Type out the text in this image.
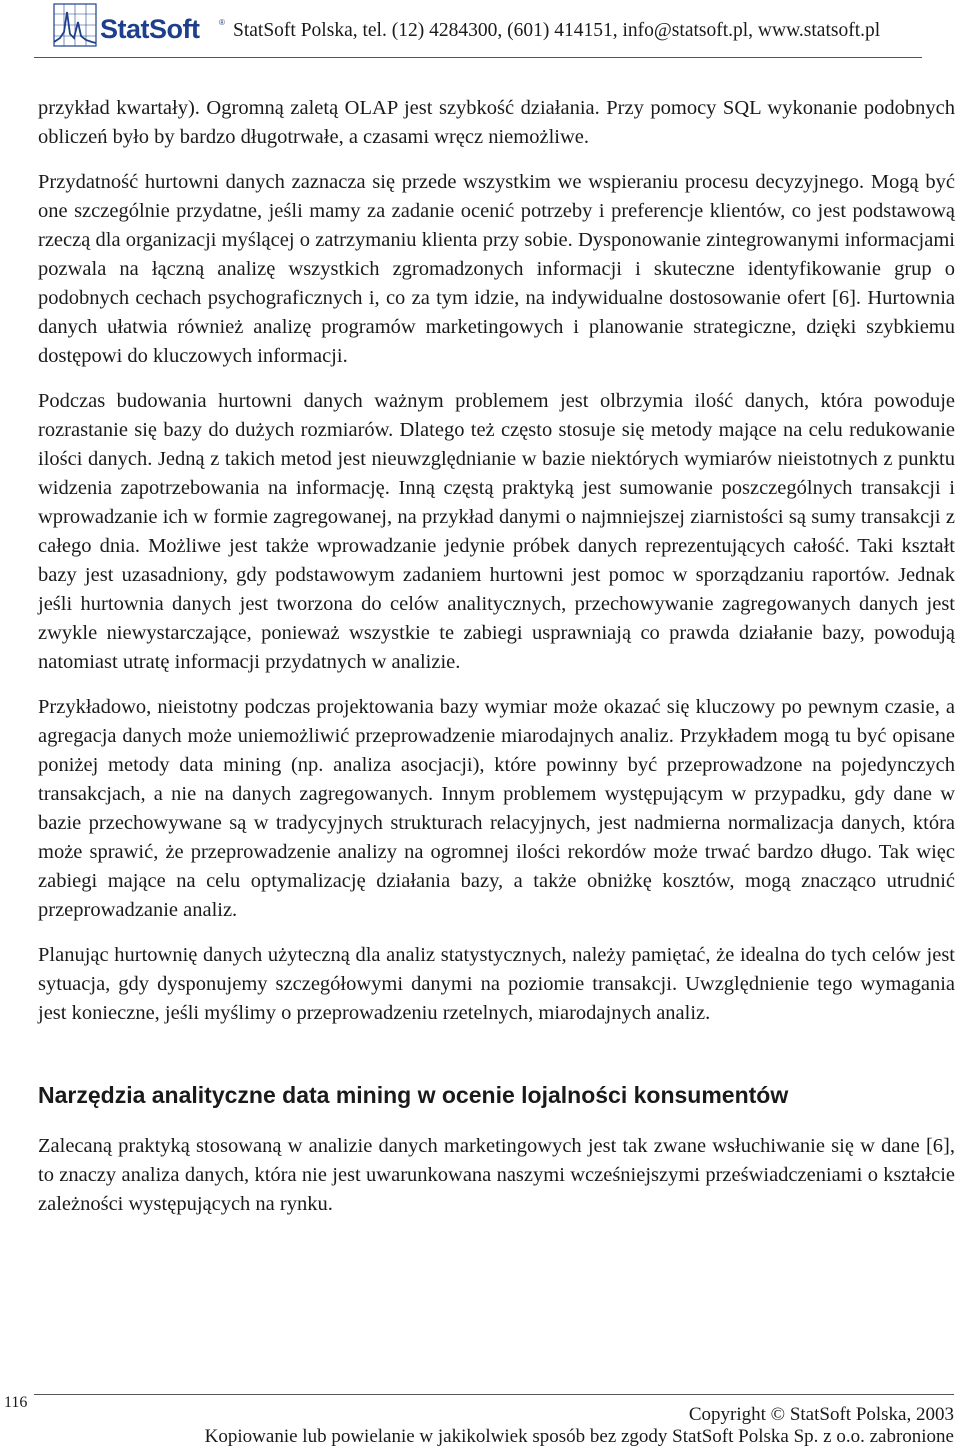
StatSoft ® StatSoft Polska, tel. (12) 4284300, (601) 414151, info@statsoft.pl, www.statsoft.pl

przykład kwartały). Ogromną zaletą OLAP jest szybkość działania. Przy pomocy SQL wykonanie podobnych obliczeń było by bardzo długotrwałe, a czasami wręcz niemożliwe.

Przydatność hurtowni danych zaznacza się przede wszystkim we wspieraniu procesu decyzyjnego. Mogą być one szczególnie przydatne, jeśli mamy za zadanie ocenić potrzeby i preferencje klientów, co jest podstawową rzeczą dla organizacji myślącej o zatrzymaniu klienta przy sobie. Dysponowanie zintegrowanymi informacjami pozwala na łączną analizę wszystkich zgromadzonych informacji i skuteczne identyfikowanie grup o podobnych cechach psychograficznych i, co za tym idzie, na indywidualne dostosowanie ofert [6]. Hurtownia danych ułatwia również analizę programów marketingowych i planowanie strategiczne, dzięki szybkiemu dostępowi do kluczowych informacji.

Podczas budowania hurtowni danych ważnym problemem jest olbrzymia ilość danych, która powoduje rozrastanie się bazy do dużych rozmiarów. Dlatego też często stosuje się metody mające na celu redukowanie ilości danych. Jedną z takich metod jest nieuwzględnianie w bazie niektórych wymiarów nieistotnych z punktu widzenia zapotrzebowania na informację. Inną częstą praktyką jest sumowanie poszczególnych transakcji i wprowadzanie ich w formie zagregowanej, na przykład danymi o najmniejszej ziarnistości są sumy transakcji z całego dnia. Możliwe jest także wprowadzanie jedynie próbek danych reprezentujących całość. Taki kształt bazy jest uzasadniony, gdy podstawowym zadaniem hurtowni jest pomoc w sporządzaniu raportów. Jednak jeśli hurtownia danych jest tworzona do celów analitycznych, przechowywanie zagregowanych danych jest zwykle niewystarczające, ponieważ wszystkie te zabiegi usprawniają co prawda działanie bazy, powodują natomiast utratę informacji przydatnych w analizie.

Przykładowo, nieistotny podczas projektowania bazy wymiar może okazać się kluczowy po pewnym czasie, a agregacja danych może uniemożliwić przeprowadzenie miarodajnych analiz. Przykładem mogą tu być opisane poniżej metody data mining (np. analiza asocjacji), które powinny być przeprowadzone na pojedynczych transakcjach, a nie na danych zagregowanych. Innym problemem występującym w przypadku, gdy dane w bazie przechowywane są w tradycyjnych strukturach relacyjnych, jest nadmierna normalizacja danych, która może sprawić, że przeprowadzenie analizy na ogromnej ilości rekordów może trwać bardzo długo. Tak więc zabiegi mające na celu optymalizację działania bazy, a także obniżkę kosztów, mogą znacząco utrudnić przeprowadzanie analiz.

Planując hurtownię danych użyteczną dla analiz statystycznych, należy pamiętać, że idealna do tych celów jest sytuacja, gdy dysponujemy szczegółowymi danymi na poziomie transakcji. Uwzględnienie tego wymagania jest konieczne, jeśli myślimy o przeprowadzeniu rzetelnych, miarodajnych analiz.

Narzędzia analityczne data mining w ocenie lojalności konsumentów

Zalecaną praktyką stosowaną w analizie danych marketingowych jest tak zwane wsłuchiwanie się w dane [6], to znaczy analiza danych, która nie jest uwarunkowana naszymi wcześniejszymi przeświadczeniami o kształcie zależności występujących na rynku.

116
Copyright © StatSoft Polska, 2003
Kopiowanie lub powielanie w jakikolwiek sposób bez zgody StatSoft Polska Sp. z o.o. zabronione
